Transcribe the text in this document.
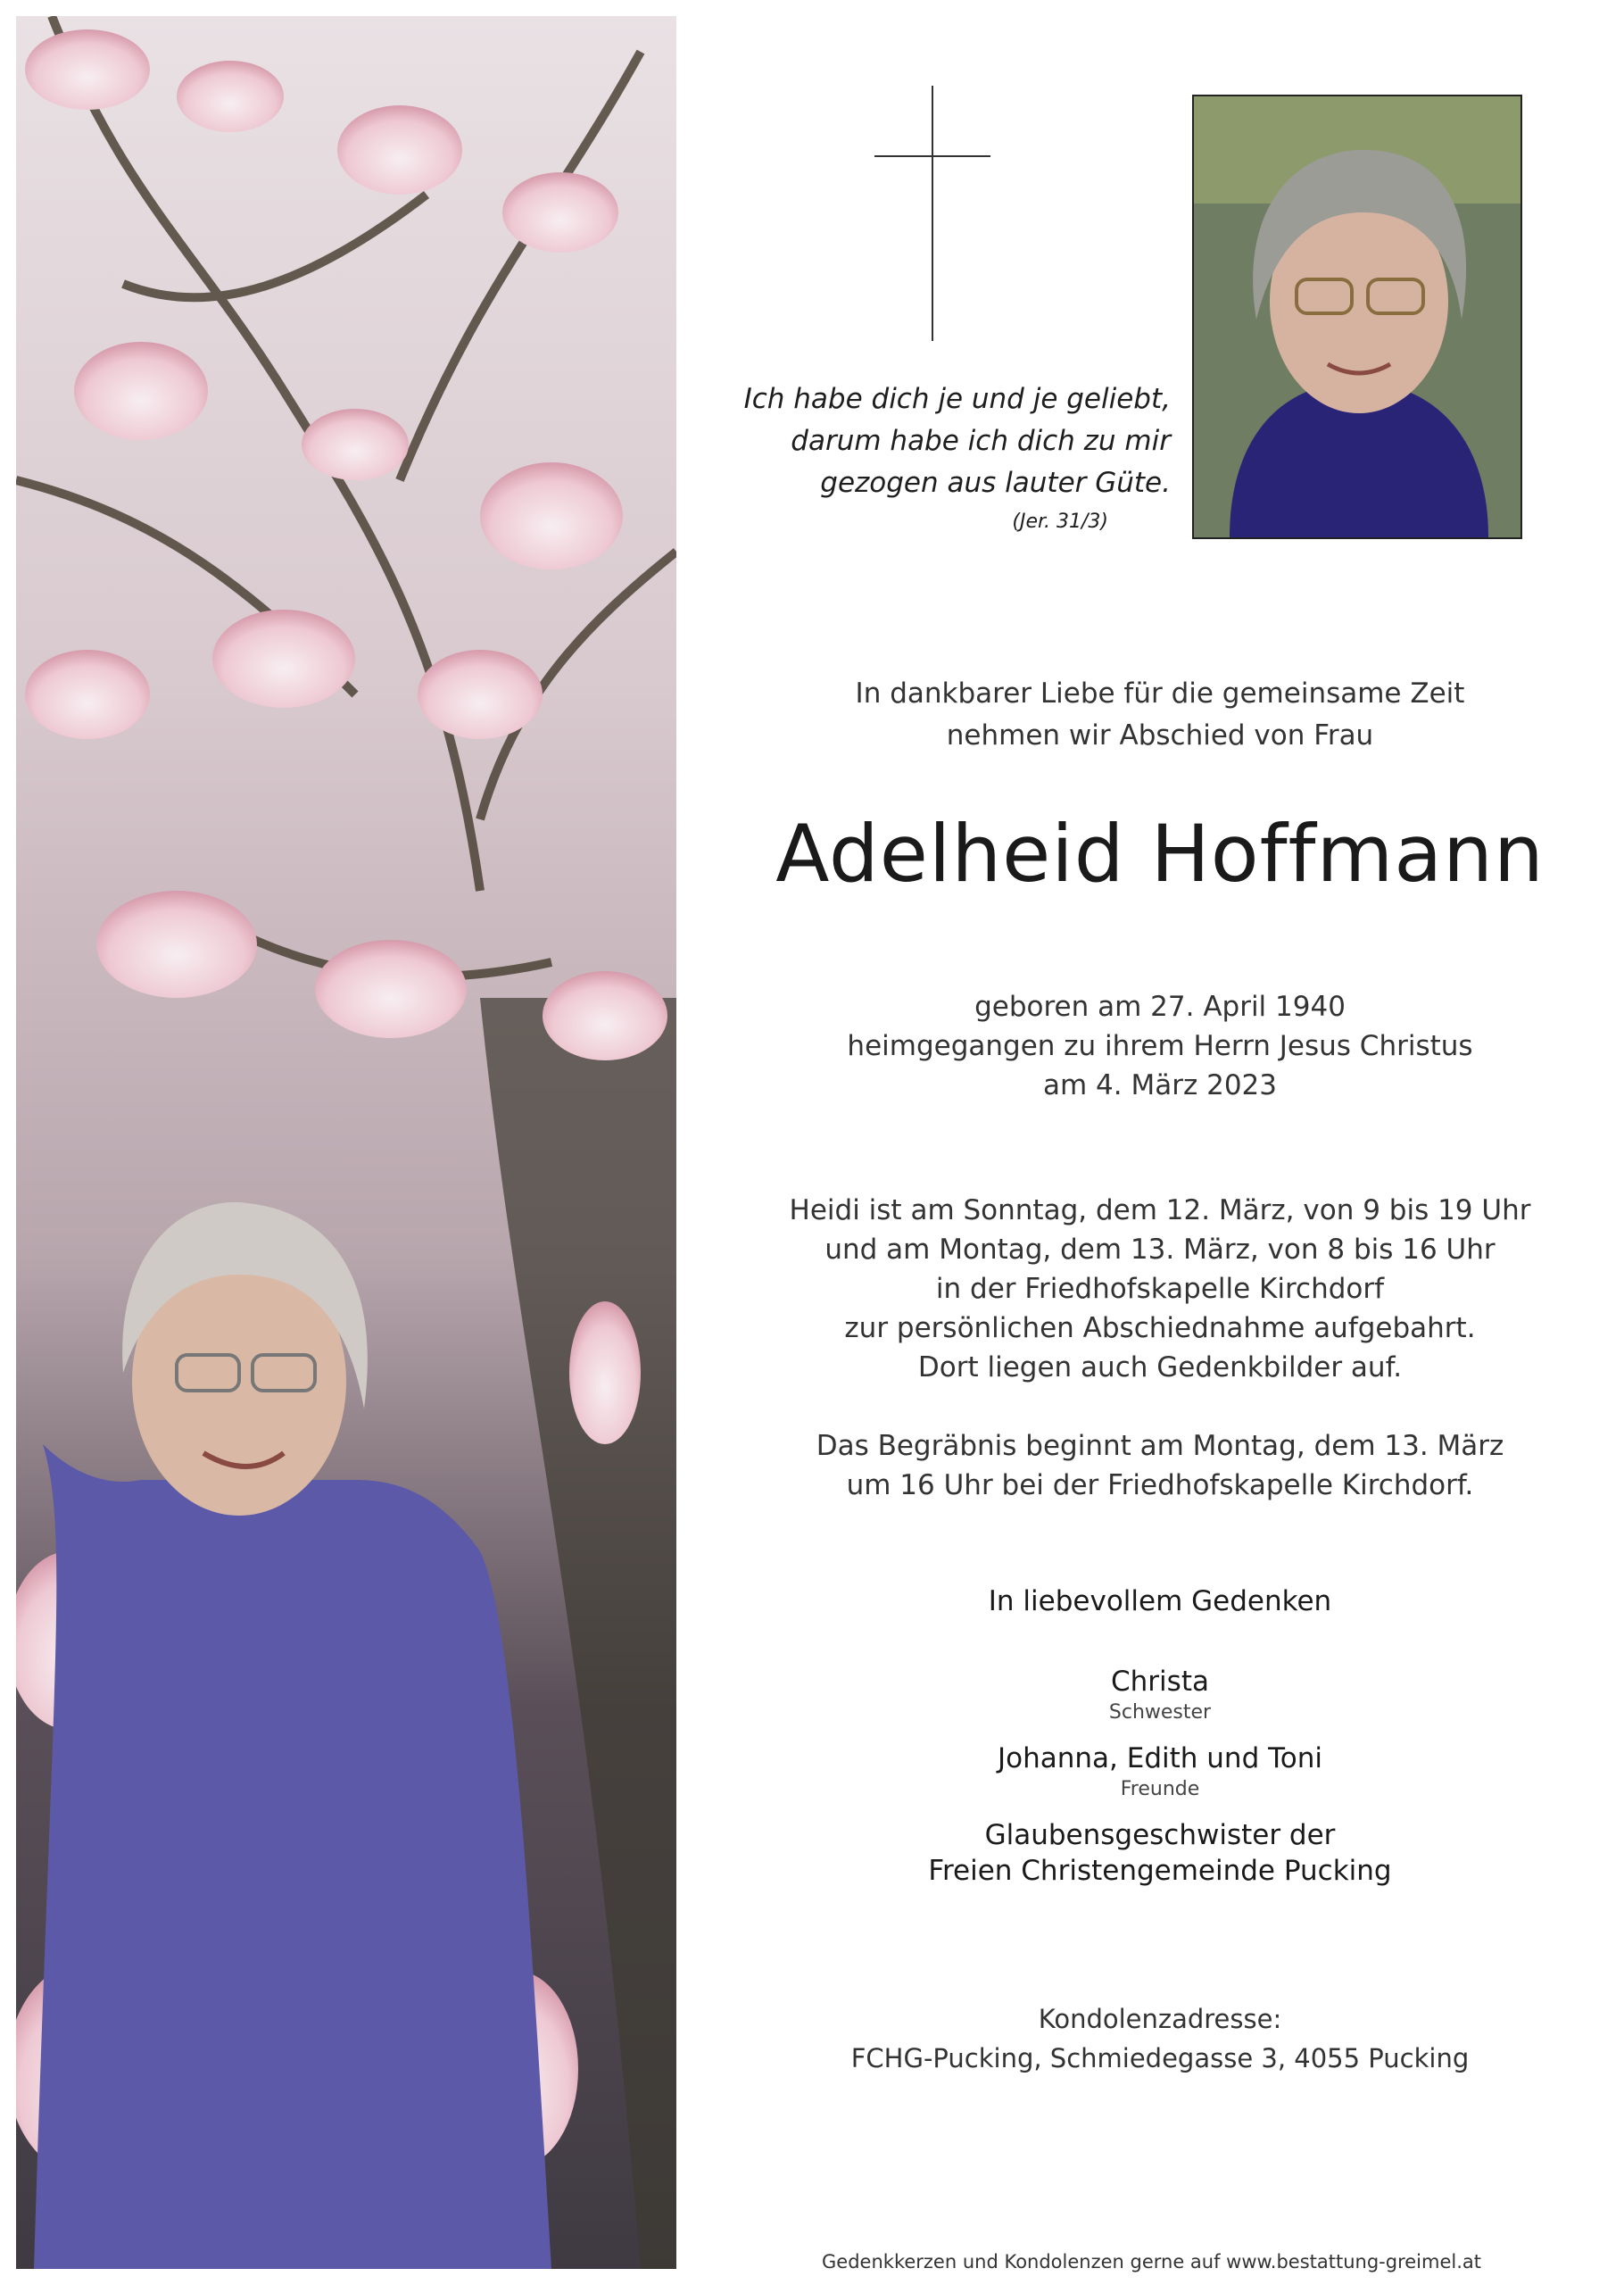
Ich habe dich je und je geliebt,
darum habe ich dich zu mir
gezogen aus lauter Güte.
(Jer. 31/3)
In dankbarer Liebe für die gemeinsame Zeit
nehmen wir Abschied von Frau
Adelheid Hoffmann
geboren am 27. April 1940
heimgegangen zu ihrem Herrn Jesus Christus
am 4. März 2023
Heidi ist am Sonntag, dem 12. März, von 9 bis 19 Uhr
und am Montag, dem 13. März, von 8 bis 16 Uhr
in der Friedhofskapelle Kirchdorf
zur persönlichen Abschiednahme aufgebahrt.
Dort liegen auch Gedenkbilder auf.
Das Begräbnis beginnt am Montag, dem 13. März
um 16 Uhr bei der Friedhofskapelle Kirchdorf.
In liebevollem Gedenken
Christa
Schwester
Johanna, Edith und Toni
Freunde
Glaubensgeschwister der
Freien Christengemeinde Pucking
Kondolenzadresse:
FCHG-Pucking, Schmiedegasse 3, 4055 Pucking
Gedenkkerzen und Kondolenzen gerne auf www.bestattung-greimel.at
